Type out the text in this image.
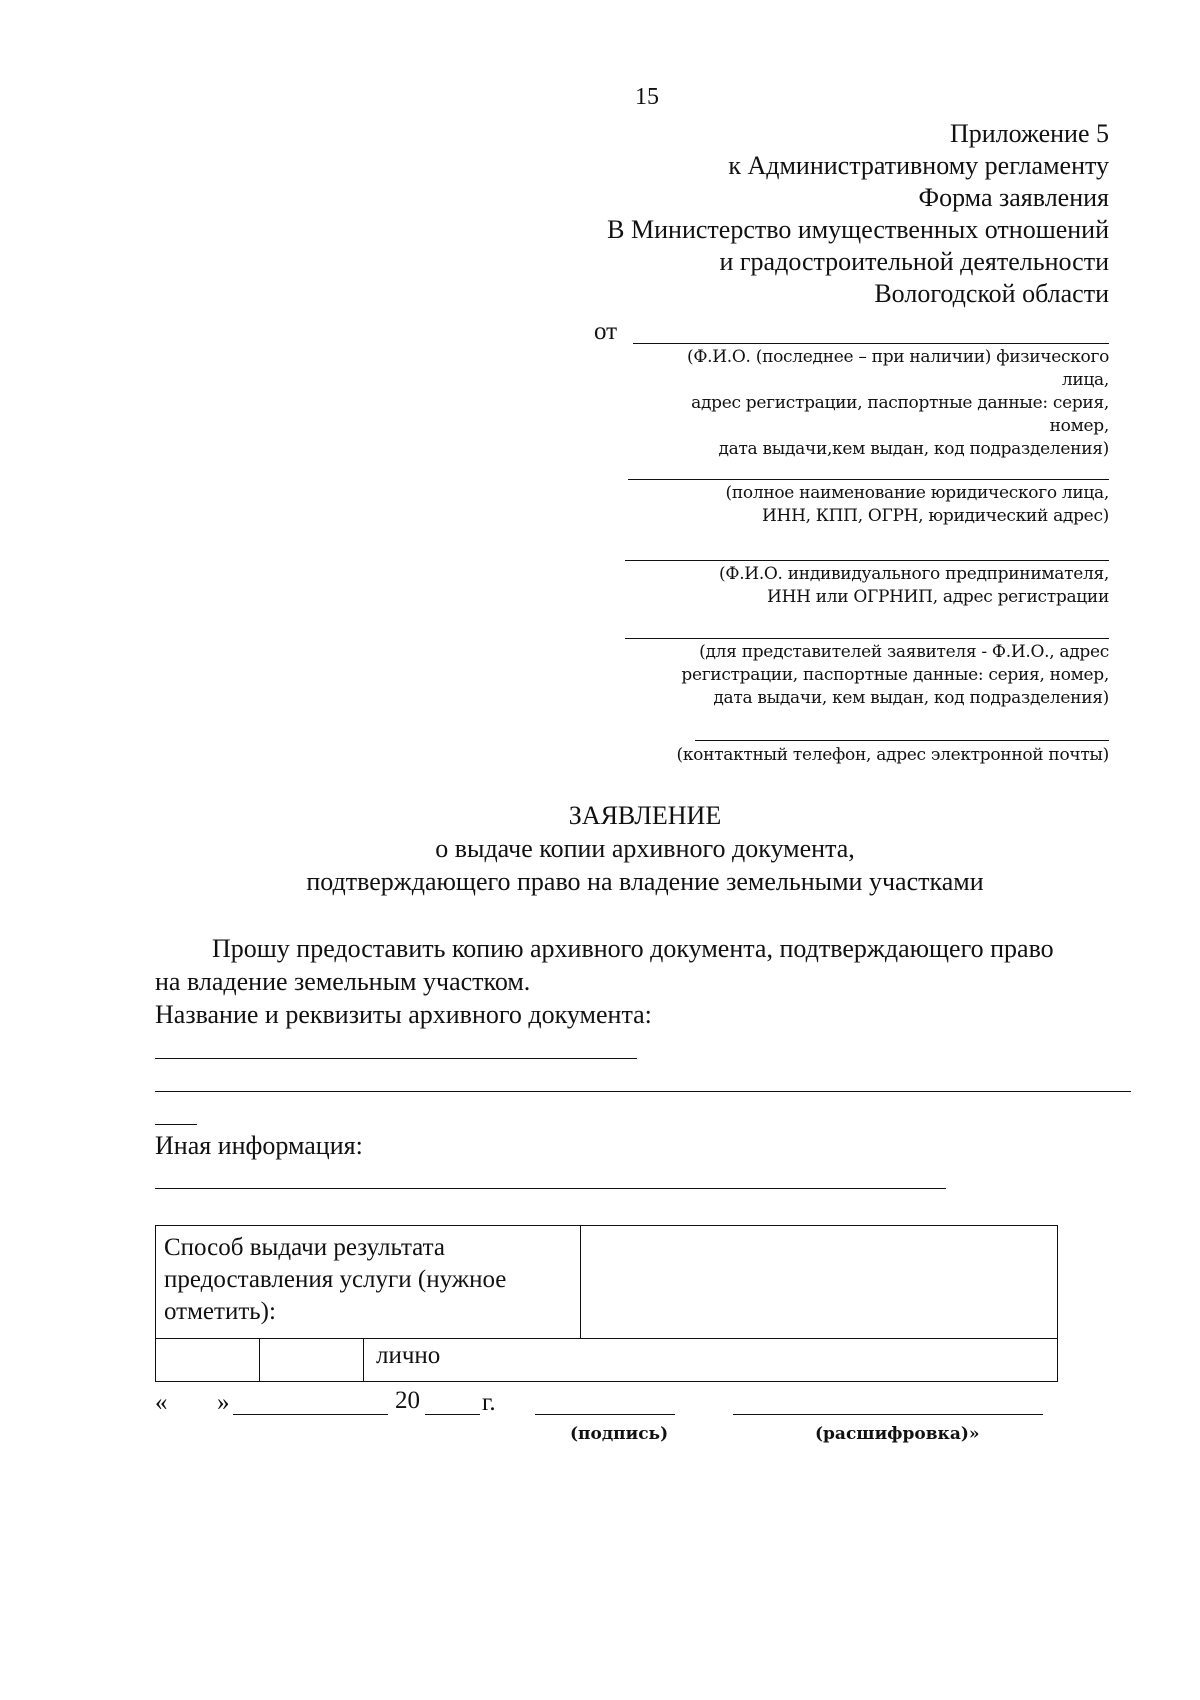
15
Приложение 5
к Административному регламенту
Форма заявления
В Министерство имущественных отношений
и градостроительной деятельности
Вологодской области
от
(Ф.И.О. (последнее – при наличии) физического
лица,
адрес регистрации, паспортные данные: серия,
номер,
дата выдачи,кем выдан, код подразделения)
(полное наименование юридического лица,
ИНН, КПП, ОГРН, юридический адрес)
(Ф.И.О. индивидуального предпринимателя,
ИНН или ОГРНИП, адрес регистрации
(для представителей заявителя - Ф.И.О., адрес
регистрации, паспортные данные: серия, номер,
дата выдачи, кем выдан, код подразделения)
(контактный телефон, адрес электронной почты)
ЗАЯВЛЕНИЕ
о выдаче копии архивного документа,
подтверждающего право на владение земельными участками
Прошу предоставить копию архивного документа, подтверждающего право
на владение земельным участком.
Название и реквизиты архивного документа:
Иная информация:
Способ выдачи результата
предоставления услуги (нужное
отметить):			

		лично	
« »	20 г.
(подпись)	(расшифровка)»
